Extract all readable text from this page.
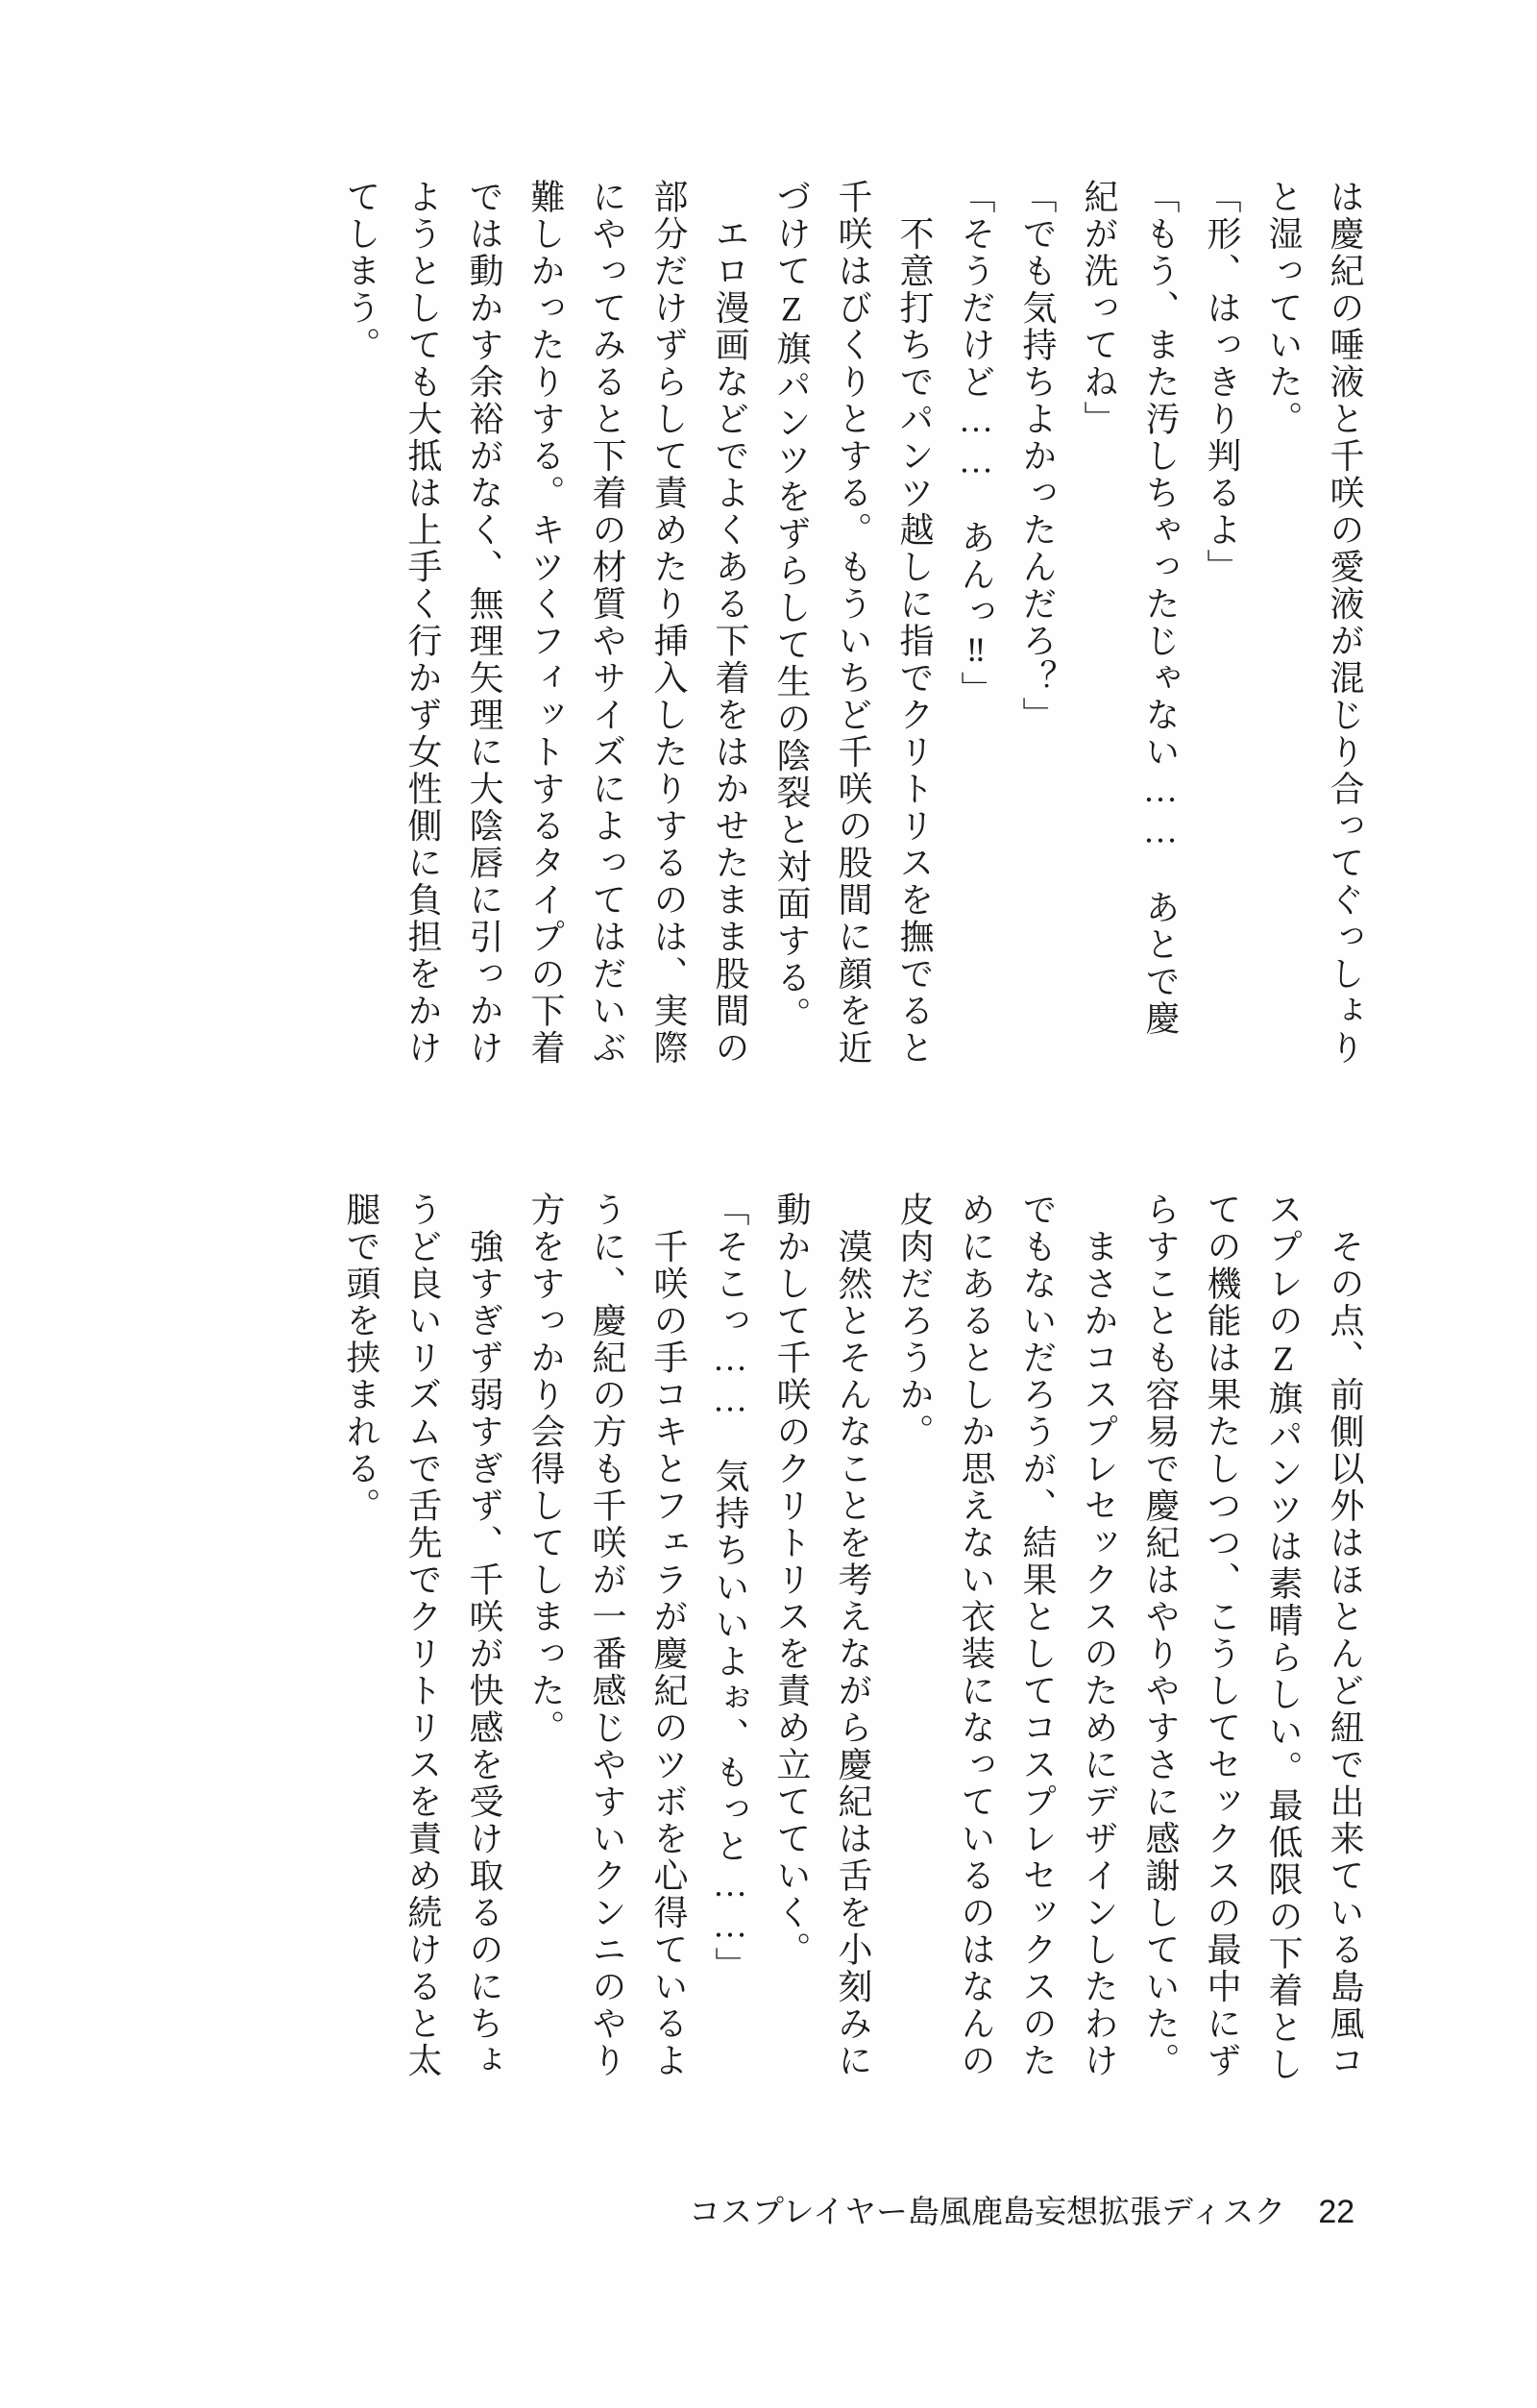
は慶紀の唾液と千咲の愛液が混じり合ってぐっしょりと湿っていた。

「形、はっきり判るよ」

「もう、また汚しちゃったじゃない……　あとで慶紀が洗ってね」

「でも気持ちよかったんだろ？」

「そうだけど……　あんっ‼」

　不意打ちでパンツ越しに指でクリトリスを撫でると千咲はびくりとする。もういちど千咲の股間に顔を近づけてZ旗パンツをずらして生の陰裂と対面する。

　エロ漫画などでよくある下着をはかせたまま股間の部分だけずらして責めたり挿入したりするのは、実際にやってみると下着の材質やサイズによってはだいぶ難しかったりする。キツくフィットするタイプの下着では動かす余裕がなく、無理矢理に大陰唇に引っかけようとしても大抵は上手く行かず女性側に負担をかけてしまう。

　その点、前側以外はほとんど紐で出来ている島風コスプレのZ旗パンツは素晴らしい。最低限の下着としての機能は果たしつつ、こうしてセックスの最中にずらすことも容易で慶紀はやりやすさに感謝していた。

　まさかコスプレセックスのためにデザインしたわけでもないだろうが、結果としてコスプレセックスのためにあるとしか思えない衣装になっているのはなんの皮肉だろうか。

　漠然とそんなことを考えながら慶紀は舌を小刻みに動かして千咲のクリトリスを責め立てていく。

「そこっ……　気持ちいいよぉ、もっと……」

　千咲の手コキとフェラが慶紀のツボを心得ているように、慶紀の方も千咲が一番感じやすいクンニのやり方をすっかり会得してしまった。

　強すぎず弱すぎず、千咲が快感を受け取るのにちょうど良いリズムで舌先でクリトリスを責め続けると太腿で頭を挟まれる。

コスプレイヤー島風鹿島妄想拡張ディスク 22
